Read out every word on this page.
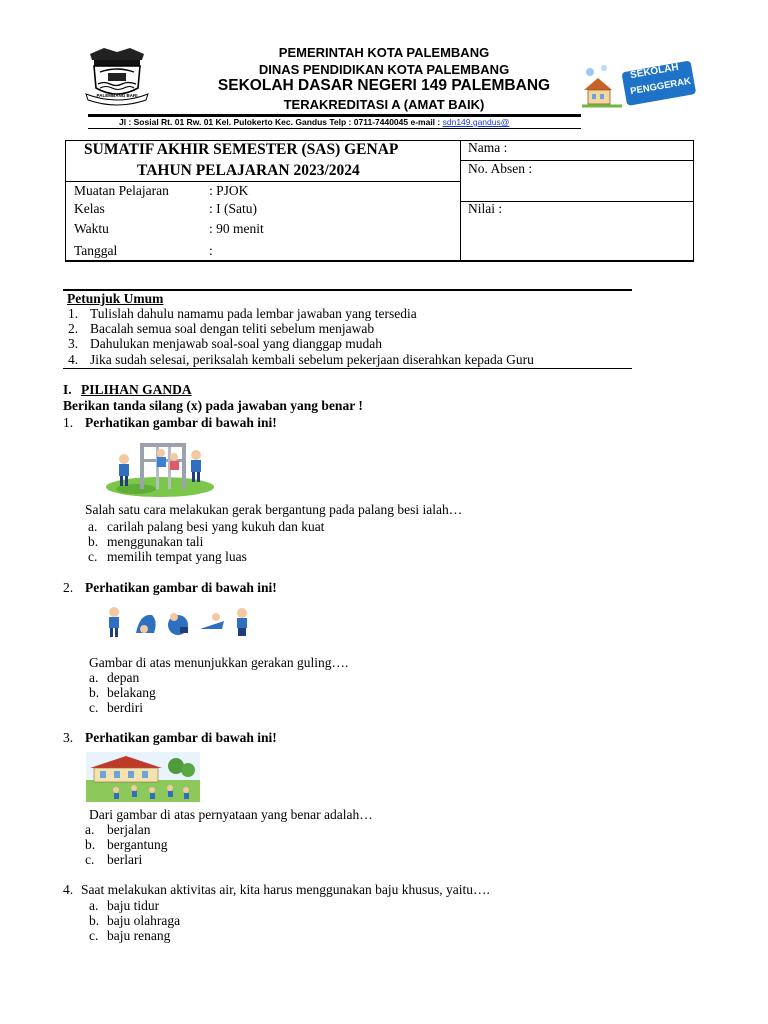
PALEMBANG BARI
PEMERINTAH KOTA PALEMBANG
DINAS PENDIDIKAN KOTA PALEMBANG
SEKOLAH DASAR NEGERI 149 PALEMBANG
TERAKREDITASI A (AMAT BAIK)
SEKOLAH
PENGGERAK
Jl : Sosial Rt. 01 Rw. 01 Kel. Pulokerto Kec. Gandus Telp : 0711-7440045 e-mail : sdn149.gandus@
SUMATIF AKHIR SEMESTER (SAS) GENAP
TAHUN PELAJARAN 2023/2024
Nama :
No. Absen :
Nilai :
Muatan Pelajaran	: PJOK
Kelas	: I (Satu)
Waktu	: 90 menit
Tanggal	:
Petunjuk Umum
1. Tulislah dahulu namamu pada lembar jawaban yang tersedia
2. Bacalah semua soal dengan teliti sebelum menjawab
3. Dahulukan menjawab soal-soal yang dianggap mudah
4. Jika sudah selesai, periksalah kembali sebelum pekerjaan diserahkan kepada Guru
I. PILIHAN GANDA
Berikan tanda silang (x) pada jawaban yang benar !
1. Perhatikan gambar di bawah ini!
Salah satu cara melakukan gerak bergantung pada palang besi ialah…
a. carilah palang besi yang kukuh dan kuat
b. menggunakan tali
c. memilih tempat yang luas
2. Perhatikan gambar di bawah ini!
Gambar di atas menunjukkan gerakan guling….
a. depan
b. belakang
c. berdiri
3. Perhatikan gambar di bawah ini!
Dari gambar di atas pernyataan yang benar adalah…
a. berjalan
b. bergantung
c. berlari
4. Saat melakukan aktivitas air, kita harus menggunakan baju khusus, yaitu….
a. baju tidur
b. baju olahraga
c. baju renang
